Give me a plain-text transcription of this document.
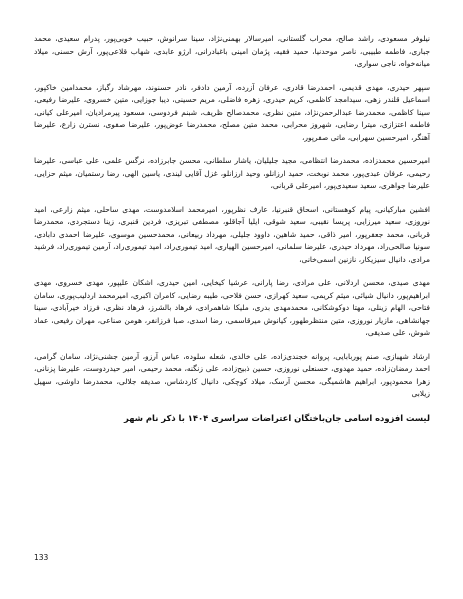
نیلوفر مسعودی، راشد صالح، محراب گلستانی، امیرسالار بهمنی‌نژاد، سینا سرانوش، حبیب خوبی‌پور، پدرام سعیدی، محمد جباری، فاطمه طبیبی، ناصر موحدنیا، حمید فقیه، پژمان امینی باغبادرانی، ارژو عابدی، شهاب قلاعی‌پور، آرش حسنی، میلاد میانه‌خواه، ناجی سواری،

سپهر حیدری، مهدی قدیمی، احمدرضا قادری، عرفان آزرده، آرمین دادفر، نادر حسنوند، مهرشاد رگباز، محمدامین خاکپور، اسماعیل قلندر زهی، سیدامجد کاظمی، کریم حیدری، زهره فاضلی، مریم حسینی، دیبا جوزایی، متین خسروی، علیرضا رفیعی، سینا کاظمی، محمدرضا عبدالرحمن‌نژاد، متین نظری، محمدصالح ظریف، شبنم فردوسی، مسعود پیرمرادیان، امیرعلی کیانی، فاطمه اعتزازی، میترا رضایی، شهروز محرابی، محمد متین مصلح، محمدرضا عوض‌پور، علیرضا صفوی، نسترن زارع، علیرضا آهنگر، امیرحسین سهرابی، ماتی صفرپور،

امیرحسین محمدزاده، محمدرضا انتظامی، مجید جلیلیان، یاشار سلطانی، محسن جابرزاده، نرگس علمی، علی عباسی، علیرضا رحیمی، عرفان عبدی‌پور، محمد نوبخت، حمید ارزانلو، وحید ارزانلو، غزل آقایی لیندی، یاسین الهی، رضا رستمیان، میثم حزایی، علیرضا جواهری، سعید سعیدی‌پور، امیرعلی قربانی،

افشین مبارکیانی، پیام کوهستانی، اسحاق قنبرنیا، عارف نظرپور، امیرمحمد اسلامدوست، مهدی ساحلی، میثم زارعی، امید نوروزی، سعید میرزایی، پریسا نقیبی، سعید شوقی، ایلیا آجاقلو، مصطفی تبریزی، فردین قنبری، زینا دستجردی، محمدرضا قربانی، محمد جعفرپور، امیر ذاقی، حمید شاهین، داوود جلیلی، مهرداد ربیعانی، محمدحسین موسوی، علیرضا احمدی دابادی، سونیا صالحی‌راد، مهرداد حیدری، علیرضا سلمانی، امیرحسین الهیاری، امید تیموری‌راد، امید تیموری‌راد، آرمین تیموری‌راد، فرشید مرادی، دانیال سیزیکار، نازنین اسمی‌خانی،

مهدی صیدی، محسن اردلانی، علی مرادی، رضا پارانی، عرشیا کیخایی، امین حیدری، اشکان علیپور، مهدی خسروی، مهدی ابراهیم‌پور، دانیال شیائی، میثم کریمی، سعید کهرازی، حسن فلاحی، طیبه رضایی، کامران اکبری، امیرمحمد اردلیب‌پوری، سامان فتاحی، الهام زینلی، مهتا دوکوشکانی، محمدمهدی بدری، ملیکا شاهمرادی، فرهاد بالشرز، فرهاد نظری، فرزاد خیرآبادی، سینا جهانشاهی، مازیار نوروزی، متین منتظرطهور، کیانوش میرقاسمی، رضا اسدی، صبا فرزانفر، هومن صناعی، مهران رفیعی، عماد شوش، علی صدیقی،

ارشاد شهبازی، صنم پوربابایی، پروانه خجندی‌زاده، علی خالدی، شعله سلوده، عباس آرزو، آرمین جشنی‌نژاد، سامان گرامی، احمد رمضان‌زاده، حمید مهدوی، حسنعلی نوروزی، حسین ذبیح‌زاده، علی زنگنه، محمد رحیمی، امیر حیدردوست، علیرضا پزنانی، زهرا محمودپور، ابراهیم هاشمیگی، محسن آرسک، میلاد کوچکی، دانیال کاردشاس، صدیقه جلالی، محمدرضا داوشی، سهیل زیلابی

لیست افزوده اسامی جان‌باختگان اعتراضات سراسری ۱۴۰۴ با ذکر نام شهر
133
